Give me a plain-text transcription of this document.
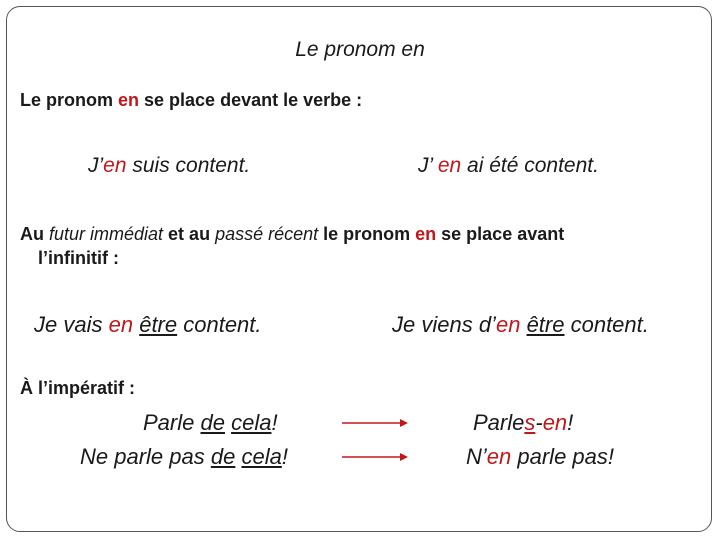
Le pronom en
Le pronom en se place devant le verbe :
J’en suis content.	J’ en ai été content.
Au futur immédiat et au passé récent le pronom en se place avant
l’infinitif :
Je vais en être content.	Je viens d’en être content.
À l’impératif :
Parle de cela!
Ne parle pas de cela!
Parles-en!
N’en parle pas!
